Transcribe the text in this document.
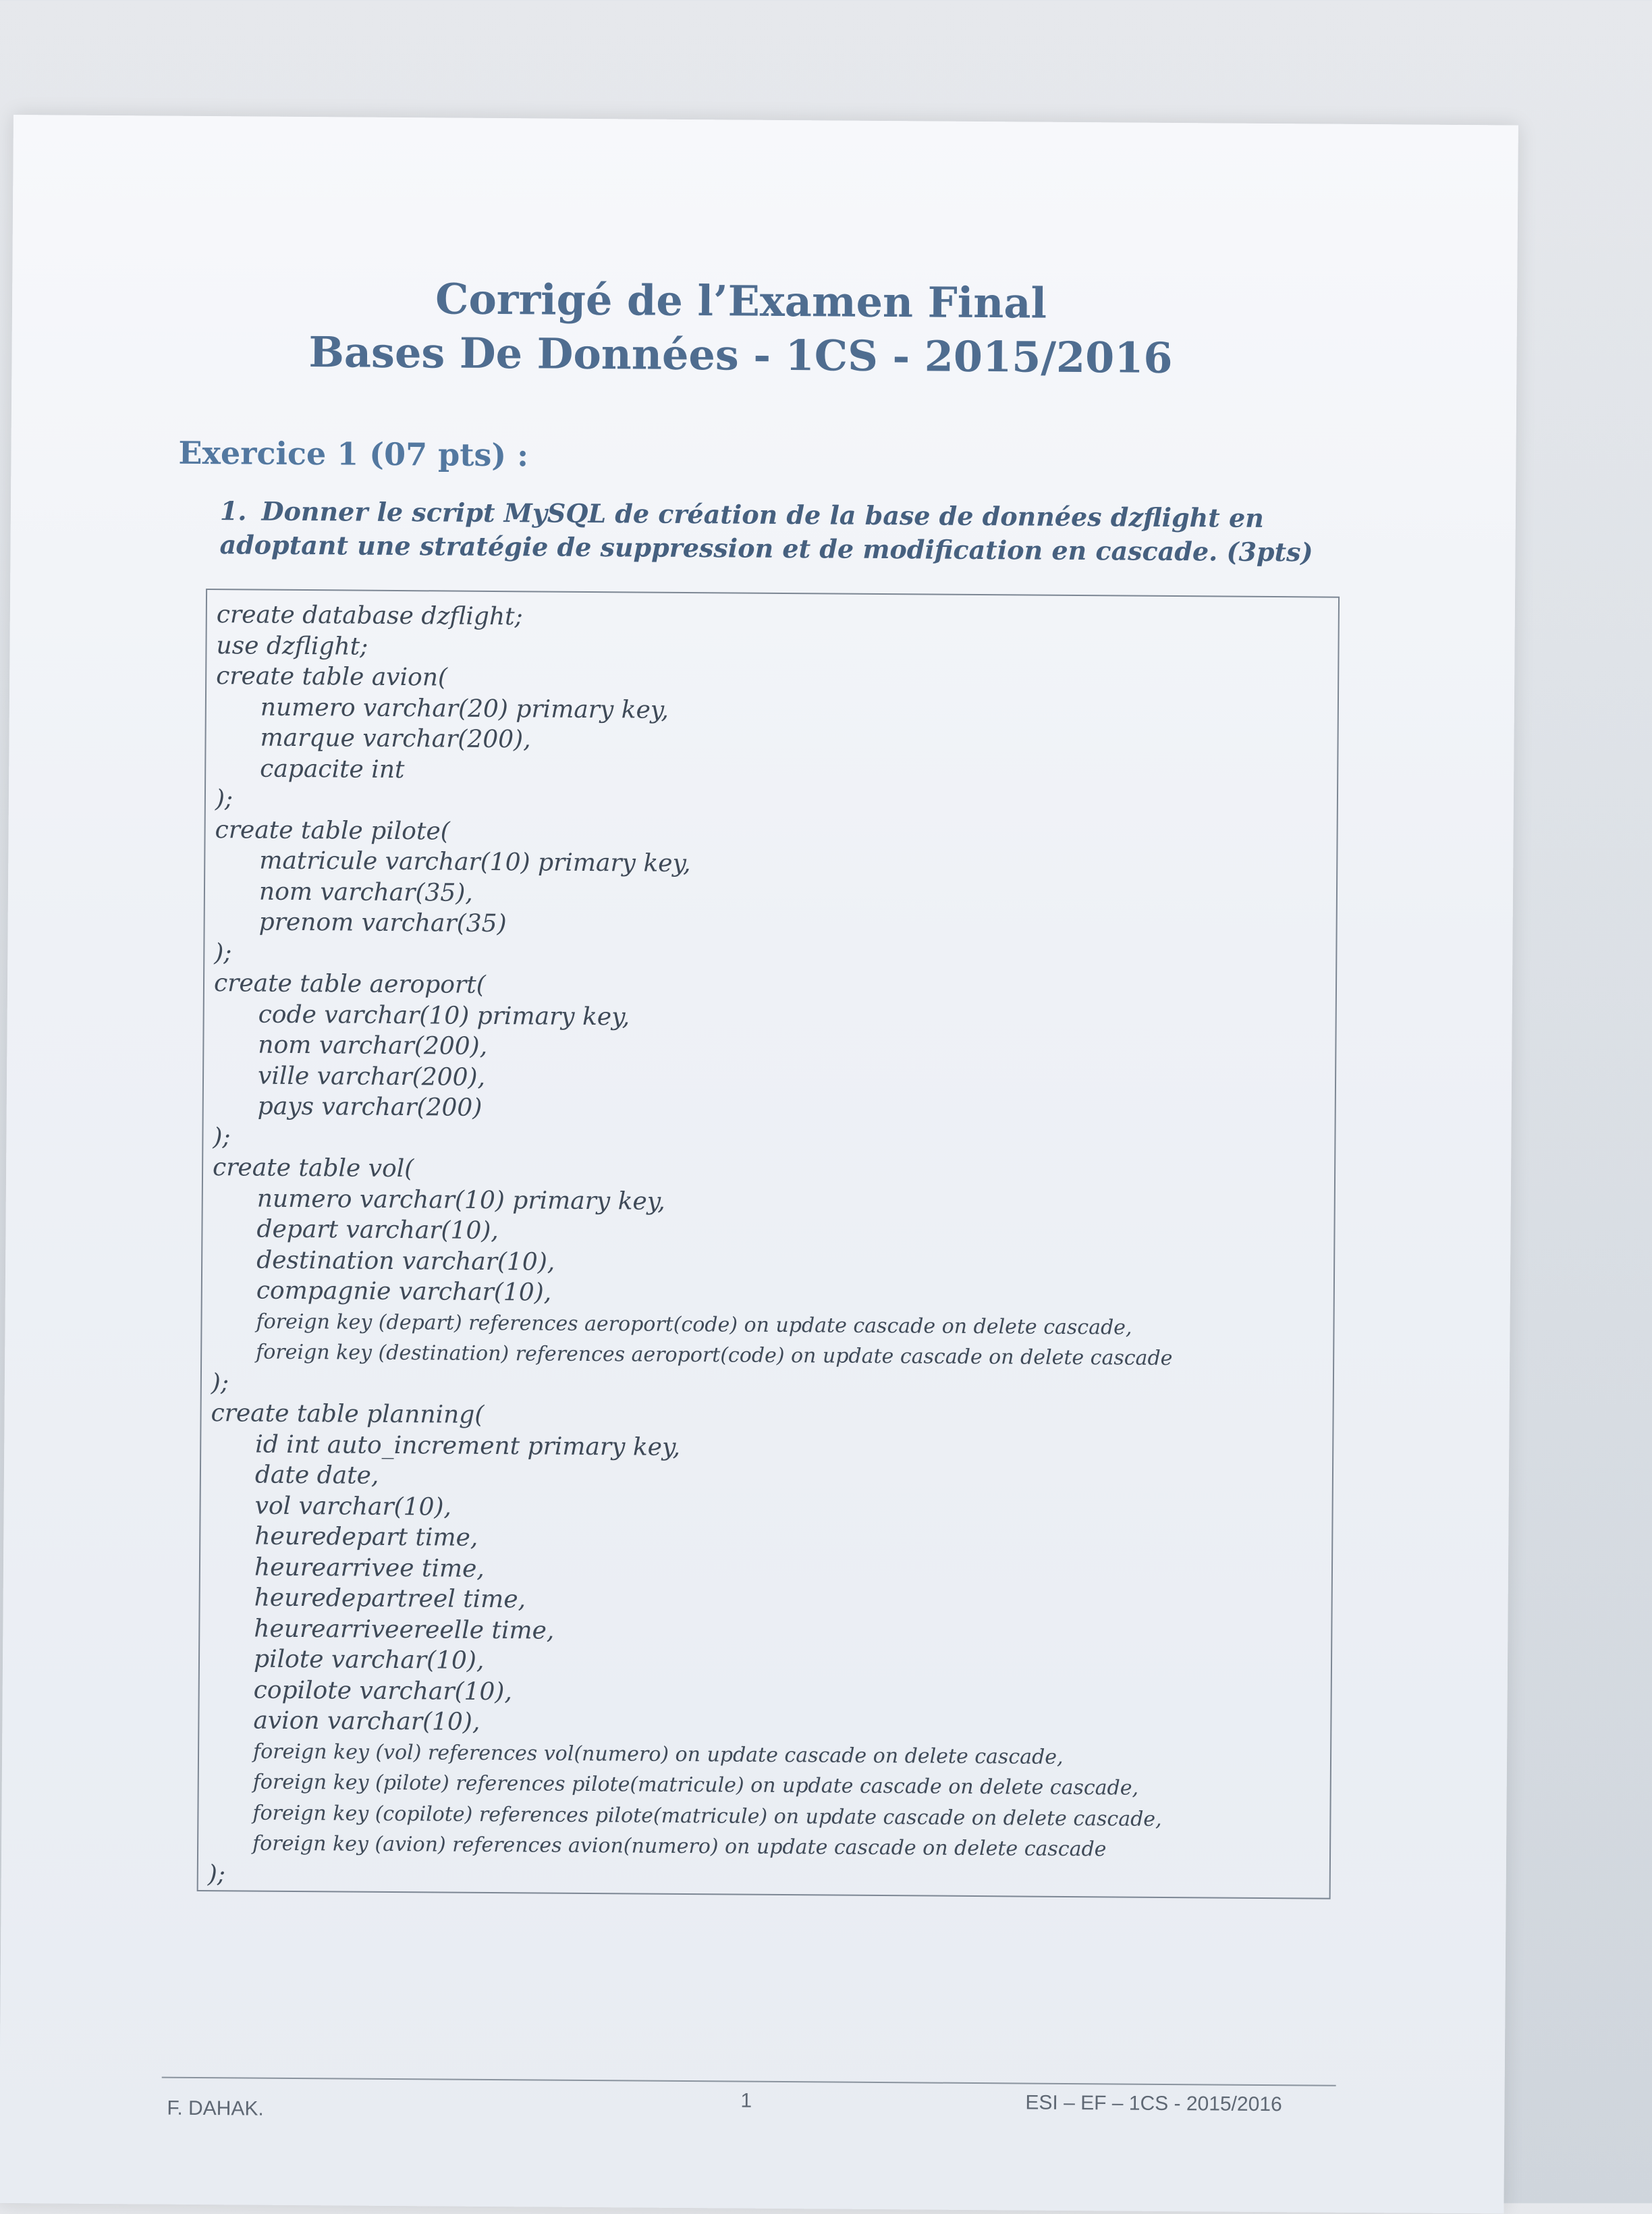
Corrigé de l’Examen Final
Bases De Données - 1CS - 2015/2016
Exercice 1 (07 pts) :
1. Donner le script MySQL de création de la base de données dzflight en adoptant une stratégie de suppression et de modification en cascade. (3pts)
create database dzflight;
use dzflight;
create table avion(
numero varchar(20) primary key,
marque varchar(200),
capacite int
);
create table pilote(
matricule varchar(10) primary key,
nom varchar(35),
prenom varchar(35)
);
create table aeroport(
code varchar(10) primary key,
nom varchar(200),
ville varchar(200),
pays varchar(200)
);
create table vol(
numero varchar(10) primary key,
depart varchar(10),
destination varchar(10),
compagnie varchar(10),
foreign key (depart) references aeroport(code) on update cascade on delete cascade,
foreign key (destination) references aeroport(code) on update cascade on delete cascade
);
create table planning(
id int auto_increment primary key,
date date,
vol varchar(10),
heuredepart time,
heurearrivee time,
heuredepartreel time,
heurearriveereelle time,
pilote varchar(10),
copilote varchar(10),
avion varchar(10),
foreign key (vol) references vol(numero) on update cascade on delete cascade,
foreign key (pilote) references pilote(matricule) on update cascade on delete cascade,
foreign key (copilote) references pilote(matricule) on update cascade on delete cascade,
foreign key (avion) references avion(numero) on update cascade on delete cascade
);
F. DAHAK.	1	ESI – EF – 1CS - 2015/2016
